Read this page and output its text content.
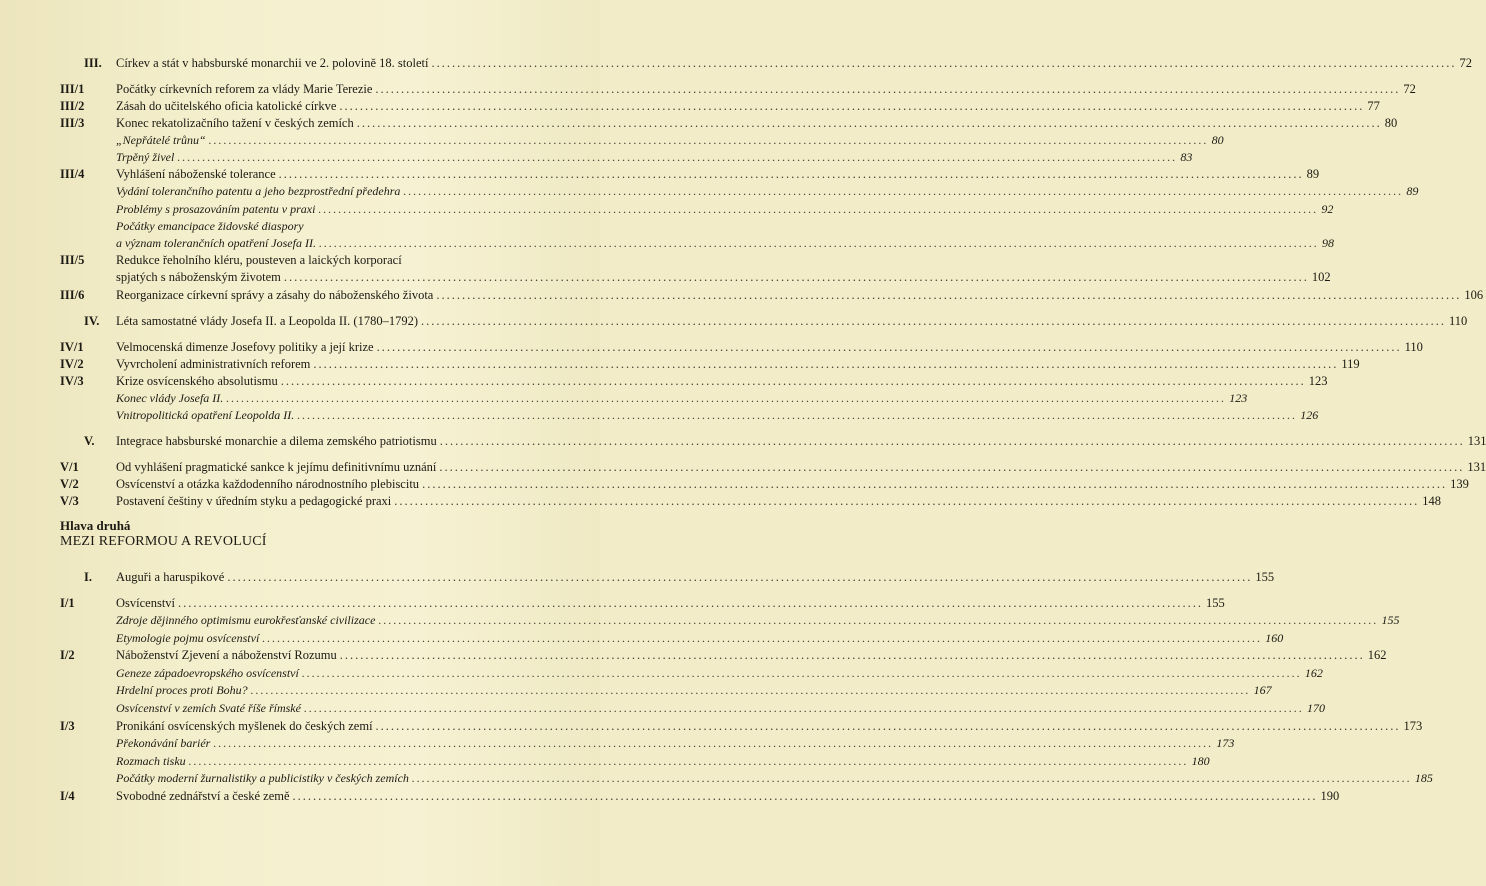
III.	Církev a stát v habsburské monarchii ve 2. polovině 18. století ........................................................................................................................................................................................................ 72
III/1	Počátky církevních reforem za vlády Marie Terezie ........................................................................................................................................................................................................ 72
III/2	Zásah do učitelského oficia katolické církve ........................................................................................................................................................................................................ 77
III/3	Konec rekatolizačního tažení v českých zemích ........................................................................................................................................................................................................ 80
„Nepřátelé trůnu“ ........................................................................................................................................................................................................ 80
Trpěný živel ........................................................................................................................................................................................................ 83
III/4	Vyhlášení náboženské tolerance ........................................................................................................................................................................................................ 89
Vydání tolerančního patentu a jeho bezprostřední předehra ........................................................................................................................................................................................................ 89
Problémy s prosazováním patentu v praxi ........................................................................................................................................................................................................ 92
Počátky emancipace židovské diaspory
a význam tolerančních opatření Josefa II. ........................................................................................................................................................................................................ 98
III/5	Redukce řeholního kléru, pousteven a laických korporací
spjatých s náboženským životem ........................................................................................................................................................................................................ 102
III/6	Reorganizace církevní správy a zásahy do náboženského života ........................................................................................................................................................................................................ 106
IV.	Léta samostatné vlády Josefa II. a Leopolda II. (1780–1792) ........................................................................................................................................................................................................ 110
IV/1	Velmocenská dimenze Josefovy politiky a její krize ........................................................................................................................................................................................................ 110
IV/2	Vyvrcholení administrativních reforem ........................................................................................................................................................................................................ 119
IV/3	Krize osvícenského absolutismu ........................................................................................................................................................................................................ 123
Konec vlády Josefa II. ........................................................................................................................................................................................................ 123
Vnitropolitická opatření Leopolda II. ........................................................................................................................................................................................................ 126
V.	Integrace habsburské monarchie a dilema zemského patriotismu ........................................................................................................................................................................................................ 131
V/1	Od vyhlášení pragmatické sankce k jejímu definitivnímu uznání ........................................................................................................................................................................................................ 131
V/2	Osvícenství a otázka každodenního národnostního plebiscitu ........................................................................................................................................................................................................ 139
V/3	Postavení češtiny v úředním styku a pedagogické praxi ........................................................................................................................................................................................................ 148
Hlava druhá
MEZI REFORMOU A REVOLUCÍ
I.	Auguři a haruspikové ........................................................................................................................................................................................................ 155
I/1	Osvícenství ........................................................................................................................................................................................................ 155
Zdroje dějinného optimismu eurokřesťanské civilizace ........................................................................................................................................................................................................ 155
Etymologie pojmu osvícenství ........................................................................................................................................................................................................ 160
I/2	Náboženství Zjevení a náboženství Rozumu ........................................................................................................................................................................................................ 162
Geneze západoevropského osvícenství ........................................................................................................................................................................................................ 162
Hrdelní proces proti Bohu? ........................................................................................................................................................................................................ 167
Osvícenství v zemích Svaté říše římské ........................................................................................................................................................................................................ 170
I/3	Pronikání osvícenských myšlenek do českých zemí ........................................................................................................................................................................................................ 173
Překonávání bariér ........................................................................................................................................................................................................ 173
Rozmach tisku ........................................................................................................................................................................................................ 180
Počátky moderní žurnalistiky a publicistiky v českých zemích ........................................................................................................................................................................................................ 185
I/4	Svobodné zednářství a české země ........................................................................................................................................................................................................ 190
